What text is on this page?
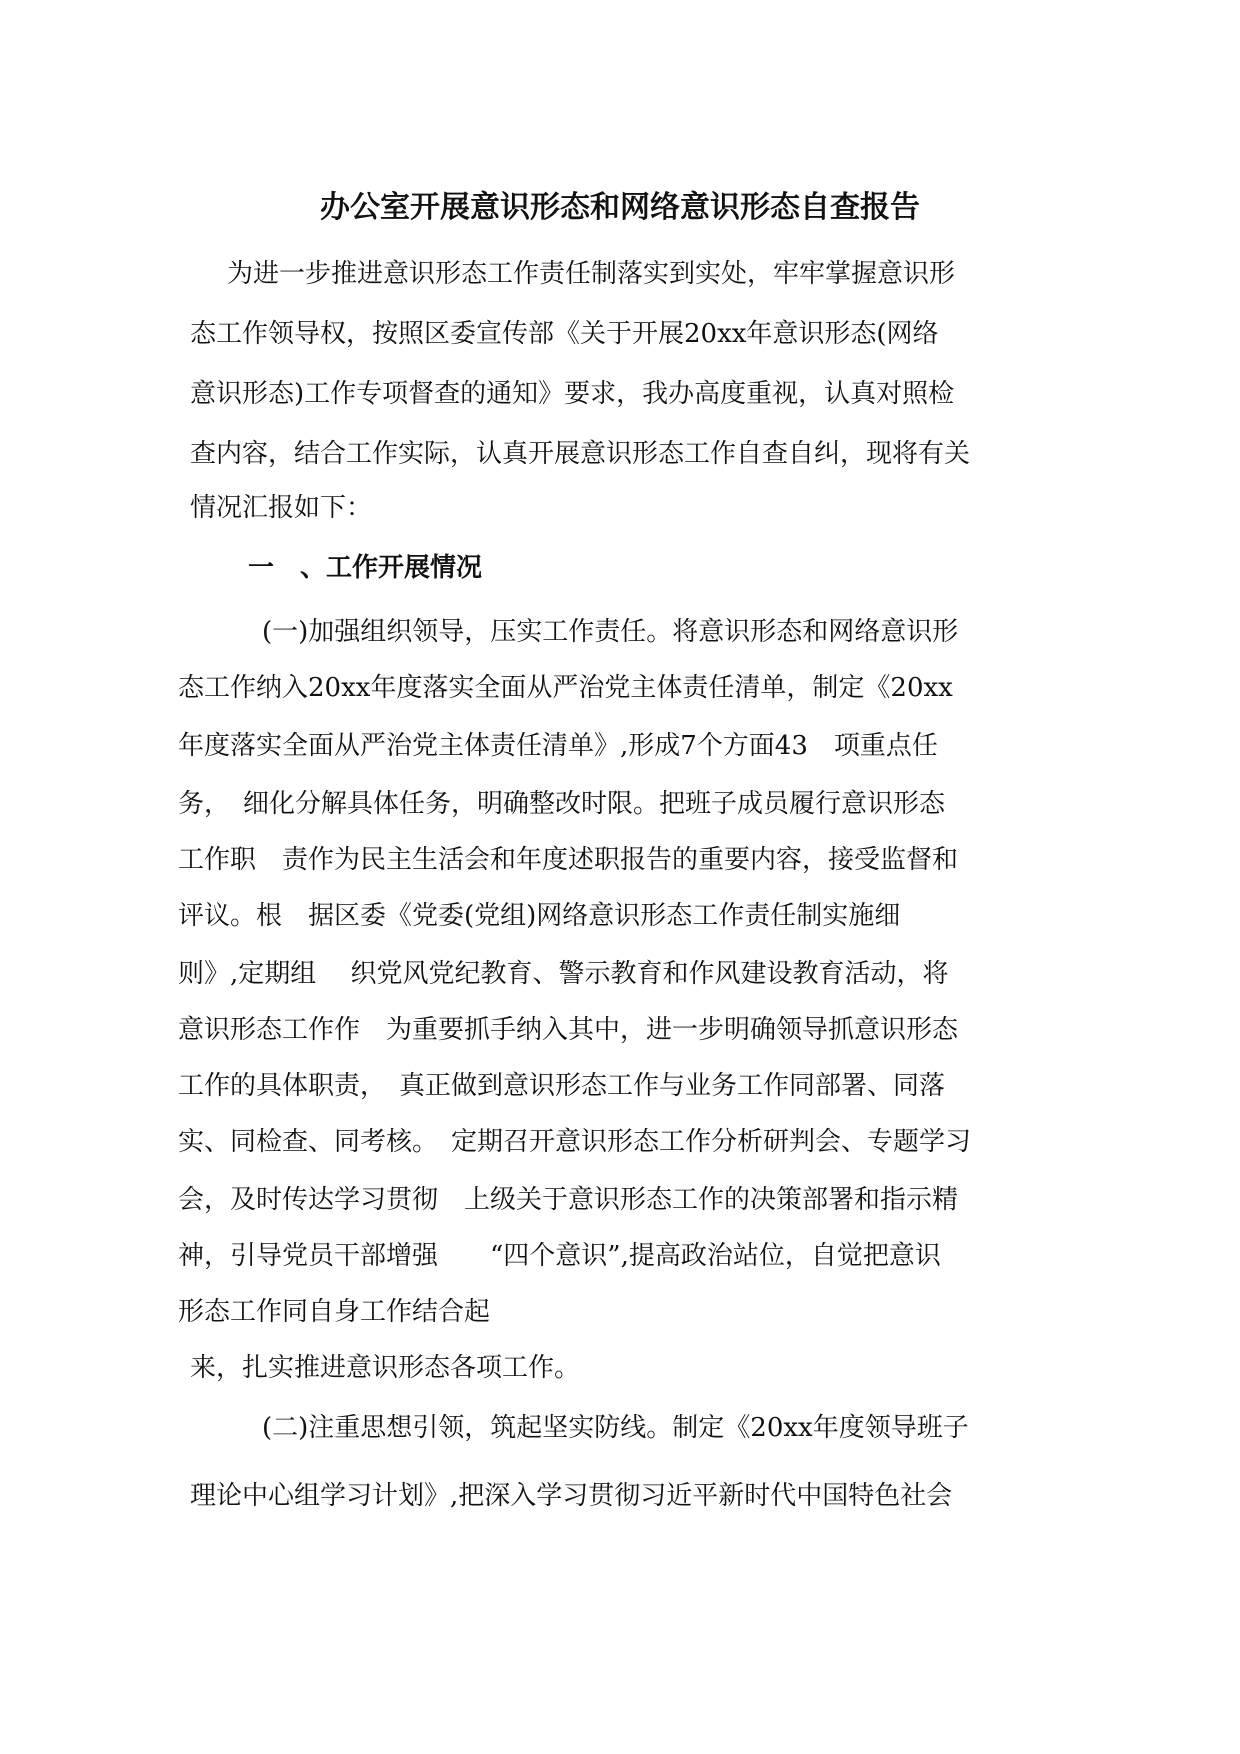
办公室开展意识形态和网络意识形态自查报告
为进一步推进意识形态工作责任制落实到实处，牢牢掌握意识形
态工作领导权，按照区委宣传部《关于开展20xx年意识形态(网络
意识形态)工作专项督查的通知》要求，我办高度重视，认真对照检
查内容，结合工作实际，认真开展意识形态工作自查自纠，现将有关
情况汇报如下：
一　、工作开展情况
(一)加强组织领导，压实工作责任。将意识形态和网络意识形
态工作纳入20xx年度落实全面从严治党主体责任清单，制定《20xx
年度落实全面从严治党主体责任清单》,形成7个方面43　项重点任
务，　细化分解具体任务，明确整改时限。把班子成员履行意识形态
工作职　责作为民主生活会和年度述职报告的重要内容，接受监督和
评议。根　据区委《党委(党组)网络意识形态工作责任制实施细
则》,定期组　 织党风党纪教育、警示教育和作风建设教育活动，将
意识形态工作作　为重要抓手纳入其中，进一步明确领导抓意识形态
工作的具体职责，　真正做到意识形态工作与业务工作同部署、同落
实、同检查、同考核。　定期召开意识形态工作分析研判会、专题学习
会，及时传达学习贯彻　上级关于意识形态工作的决策部署和指示精
神，引导党员干部增强　　“四个意识”,提高政治站位，自觉把意识
形态工作同自身工作结合起
来，扎实推进意识形态各项工作。
(二)注重思想引领，筑起坚实防线。制定《20xx年度领导班子
理论中心组学习计划》,把深入学习贯彻习近平新时代中国特色社会
